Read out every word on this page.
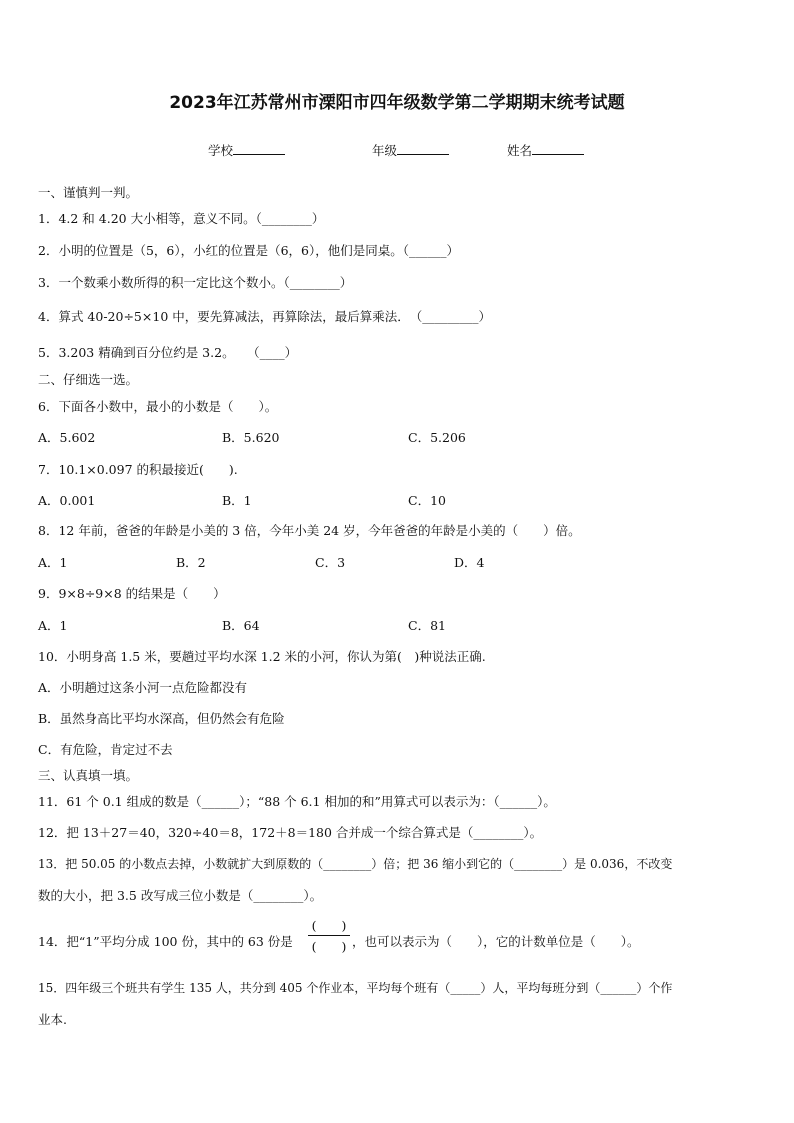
2023年江苏常州市溧阳市四年级数学第二学期期末统考试题
学校	年级	姓名
一、谨慎判一判。
1．4.2 和 4.20 大小相等，意义不同。（________）
2．小明的位置是（5，6），小红的位置是（6，6），他们是同桌。（______）
3．一个数乘小数所得的积一定比这个数小。（________）
4．算式 40-20÷5×10 中，要先算减法，再算除法，最后算乘法．　（_________）
5．3.203 精确到百分位约是 3.2。　　（____）
二、仔细选一选。
6．下面各小数中，最小的小数是（　　）。
A．5.602	B．5.620	C．5.206
7．10.1×0.097 的积最接近(　　).
A．0.001	B．1	C．10
8．12 年前，爸爸的年龄是小美的 3 倍，今年小美 24 岁，今年爸爸的年龄是小美的（　　）倍。
A．1	B．2	C．3	D．4
9．9×8÷9×8 的结果是（　　）
A．1	B．64	C．81
10．小明身高 1.5 米，要趟过平均水深 1.2 米的小河，你认为第(　)种说法正确.
A．小明趟过这条小河一点危险都没有
B．虽然身高比平均水深高，但仍然会有危险
C．有危险，肯定过不去
三、认真填一填。
11．61 个 0.1 组成的数是（______）；“88 个 6.1 相加的和”用算式可以表示为：（______）。
12．把 13＋27＝40，320÷40＝8，172＋8＝180 合并成一个综合算式是（________）。
13．把 50.05 的小数点去掉，小数就扩大到原数的（________）倍；把 36 缩小到它的（________）是 0.036，不改变
数的大小，把 3.5 改写成三位小数是（________）。
14．把“1”平均分成 100 份，其中的 63 份是
(　　)
(　　) ，也可以表示为（　　），它的计数单位是（　　）。
15．四年级三个班共有学生 135 人，共分到 405 个作业本，平均每个班有（_____）人，平均每班分到（______）个作
业本.
